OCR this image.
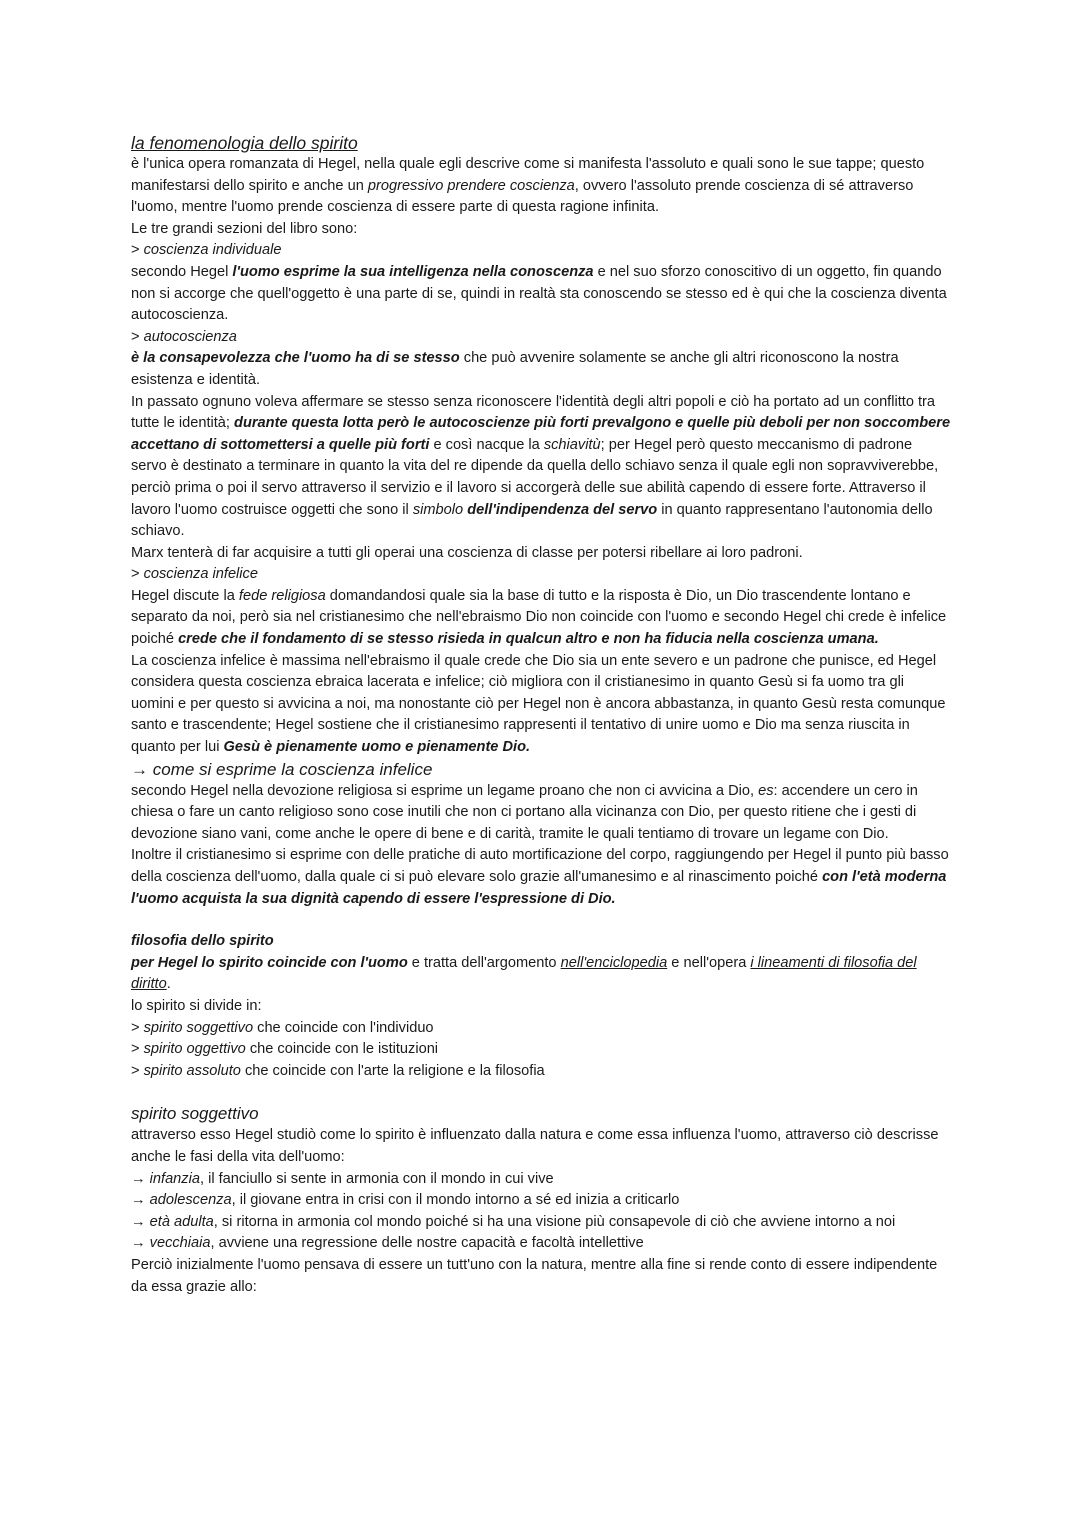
la fenomenologia dello spirito

è l'unica opera romanzata di Hegel, nella quale egli descrive come si manifesta l'assoluto e quali sono le sue tappe; questo manifestarsi dello spirito e anche un progressivo prendere coscienza, ovvero l'assoluto prende coscienza di sé attraverso l'uomo, mentre l'uomo prende coscienza di essere parte di questa ragione infinita.

Le tre grandi sezioni del libro sono:

> coscienza individuale

secondo Hegel l'uomo esprime la sua intelligenza nella conoscenza e nel suo sforzo conoscitivo di un oggetto, fin quando non si accorge che quell'oggetto è una parte di se, quindi in realtà sta conoscendo se stesso ed è qui che la coscienza diventa autocoscienza.

> autocoscienza

è la consapevolezza che l'uomo ha di se stesso che può avvenire solamente se anche gli altri riconoscono la nostra esistenza e identità.

In passato ognuno voleva affermare se stesso senza riconoscere l'identità degli altri popoli e ciò ha portato ad un conflitto tra tutte le identità; durante questa lotta però le autocoscienze più forti prevalgono e quelle più deboli per non soccombere accettano di sottomettersi a quelle più forti e così nacque la schiavitù; per Hegel però questo meccanismo di padrone servo è destinato a terminare in quanto la vita del re dipende da quella dello schiavo senza il quale egli non sopravviverebbe, perciò prima o poi il servo attraverso il servizio e il lavoro si accorgerà delle sue abilità capendo di essere forte. Attraverso il lavoro l'uomo costruisce oggetti che sono il simbolo dell'indipendenza del servo in quanto rappresentano l'autonomia dello schiavo.

Marx tenterà di far acquisire a tutti gli operai una coscienza di classe per potersi ribellare ai loro padroni.

> coscienza infelice

Hegel discute la fede religiosa domandandosi quale sia la base di tutto e la risposta è Dio, un Dio trascendente lontano e separato da noi, però sia nel cristianesimo che nell'ebraismo Dio non coincide con l'uomo e secondo Hegel chi crede è infelice poiché crede che il fondamento di se stesso risieda in qualcun altro e non ha fiducia nella coscienza umana.

La coscienza infelice è massima nell'ebraismo il quale crede che Dio sia un ente severo e un padrone che punisce, ed Hegel considera questa coscienza ebraica lacerata e infelice; ciò migliora con il cristianesimo in quanto Gesù si fa uomo tra gli uomini e per questo si avvicina a noi, ma nonostante ciò per Hegel non è ancora abbastanza, in quanto Gesù resta comunque santo e trascendente; Hegel sostiene che il cristianesimo rappresenti il tentativo di unire uomo e Dio ma senza riuscita in quanto per lui Gesù è pienamente uomo e pienamente Dio.

→ come si esprime la coscienza infelice

secondo Hegel nella devozione religiosa si esprime un legame proano che non ci avvicina a Dio, es: accendere un cero in chiesa o fare un canto religioso sono cose inutili che non ci portano alla vicinanza con Dio, per questo ritiene che i gesti di devozione siano vani, come anche le opere di bene e di carità, tramite le quali tentiamo di trovare un legame con Dio.

Inoltre il cristianesimo si esprime con delle pratiche di auto mortificazione del corpo, raggiungendo per Hegel il punto più basso della coscienza dell'uomo, dalla quale ci si può elevare solo grazie all'umanesimo e al rinascimento poiché con l'età moderna l'uomo acquista la sua dignità capendo di essere l'espressione di Dio.

filosofia dello spirito

per Hegel lo spirito coincide con l'uomo e tratta dell'argomento nell'enciclopedia e nell'opera i lineamenti di filosofia del diritto.

lo spirito si divide in:

> spirito soggettivo che coincide con l'individuo

> spirito oggettivo che coincide con le istituzioni

> spirito assoluto che coincide con l'arte la religione e la filosofia

spirito soggettivo

attraverso esso Hegel studiò come lo spirito è influenzato dalla natura e come essa influenza l'uomo, attraverso ciò descrisse anche le fasi della vita dell'uomo:

→ infanzia, il fanciullo si sente in armonia con il mondo in cui vive

→ adolescenza, il giovane entra in crisi con il mondo intorno a sé ed inizia a criticarlo

→ età adulta, si ritorna in armonia col mondo poiché si ha una visione più consapevole di ciò che avviene intorno a noi

→ vecchiaia, avviene una regressione delle nostre capacità e facoltà intellettive

Perciò inizialmente l'uomo pensava di essere un tutt'uno con la natura, mentre alla fine si rende conto di essere indipendente da essa grazie allo:
